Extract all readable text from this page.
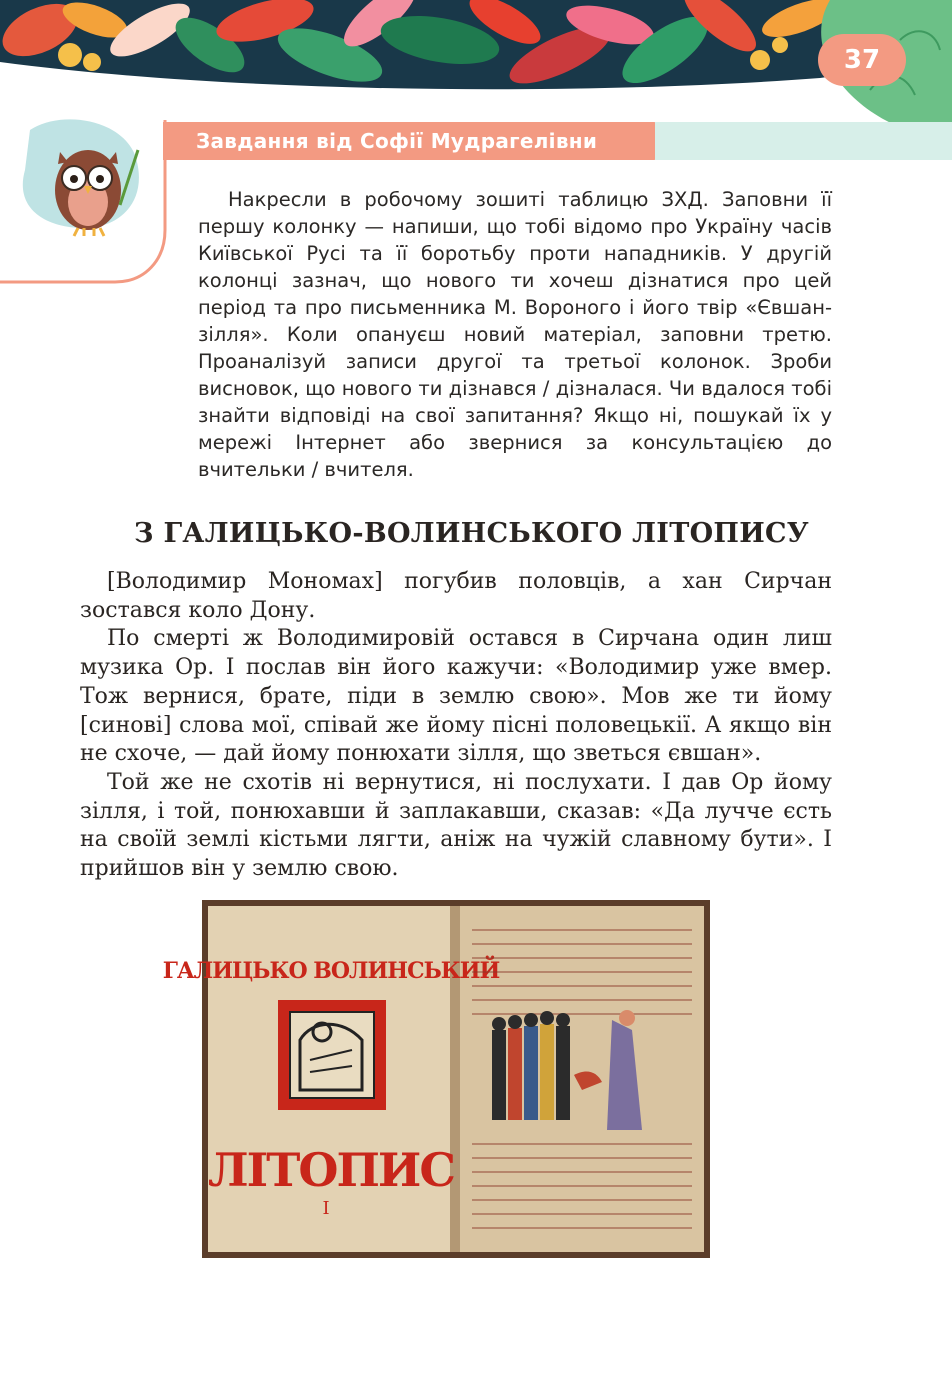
37
Завдання від Софії Мудрагелівни

Накресли в робочому зошиті таблицю ЗХД. Заповни її першу колонку — напиши, що тобі відомо про Україну часів Київської Русі та її боротьбу проти нападників. У другій колонці зазнач, що нового ти хочеш дізнатися про цей період та про письменника М. Вороного і його твір «Євшан-зілля». Коли опануєш новий матеріал, заповни третю. Проаналізуй записи другої та третьої колонок. Зроби висновок, що нового ти дізнався / дізналася. Чи вдалося тобі знайти відповіді на свої запитання? Якщо ні, пошукай їх у мережі Інтернет або звернися за консультацією до вчительки / вчителя.

З ГАЛИЦЬКО-ВОЛИНСЬКОГО ЛІТОПИСУ

[Володимир Мономах] погубив половців, а хан Сирчан зостався коло Дону.

По смерті ж Володимировій остався в Сирчана один лиш музика Ор. І послав він його кажучи: «Володимир уже вмер. Тож вернися, брате, піди в землю свою». Мов же ти йому [синові] слова мої, співай же йому пісні половецькії. А якщо він не схоче, — дай йому понюхати зілля, що зветься євшан».

Той же не схотів ні вернутися, ні послухати. І дав Ор йому зілля, і той, понюхавши й заплакавши, сказав: «Да лучче єсть на своїй землі кістьми лягти, аніж на чужій славному бути». І прийшов він у землю свою.

ГАЛИЦЬКО ВОЛИНСЬКИЙ
ЛІТОПИС
I
